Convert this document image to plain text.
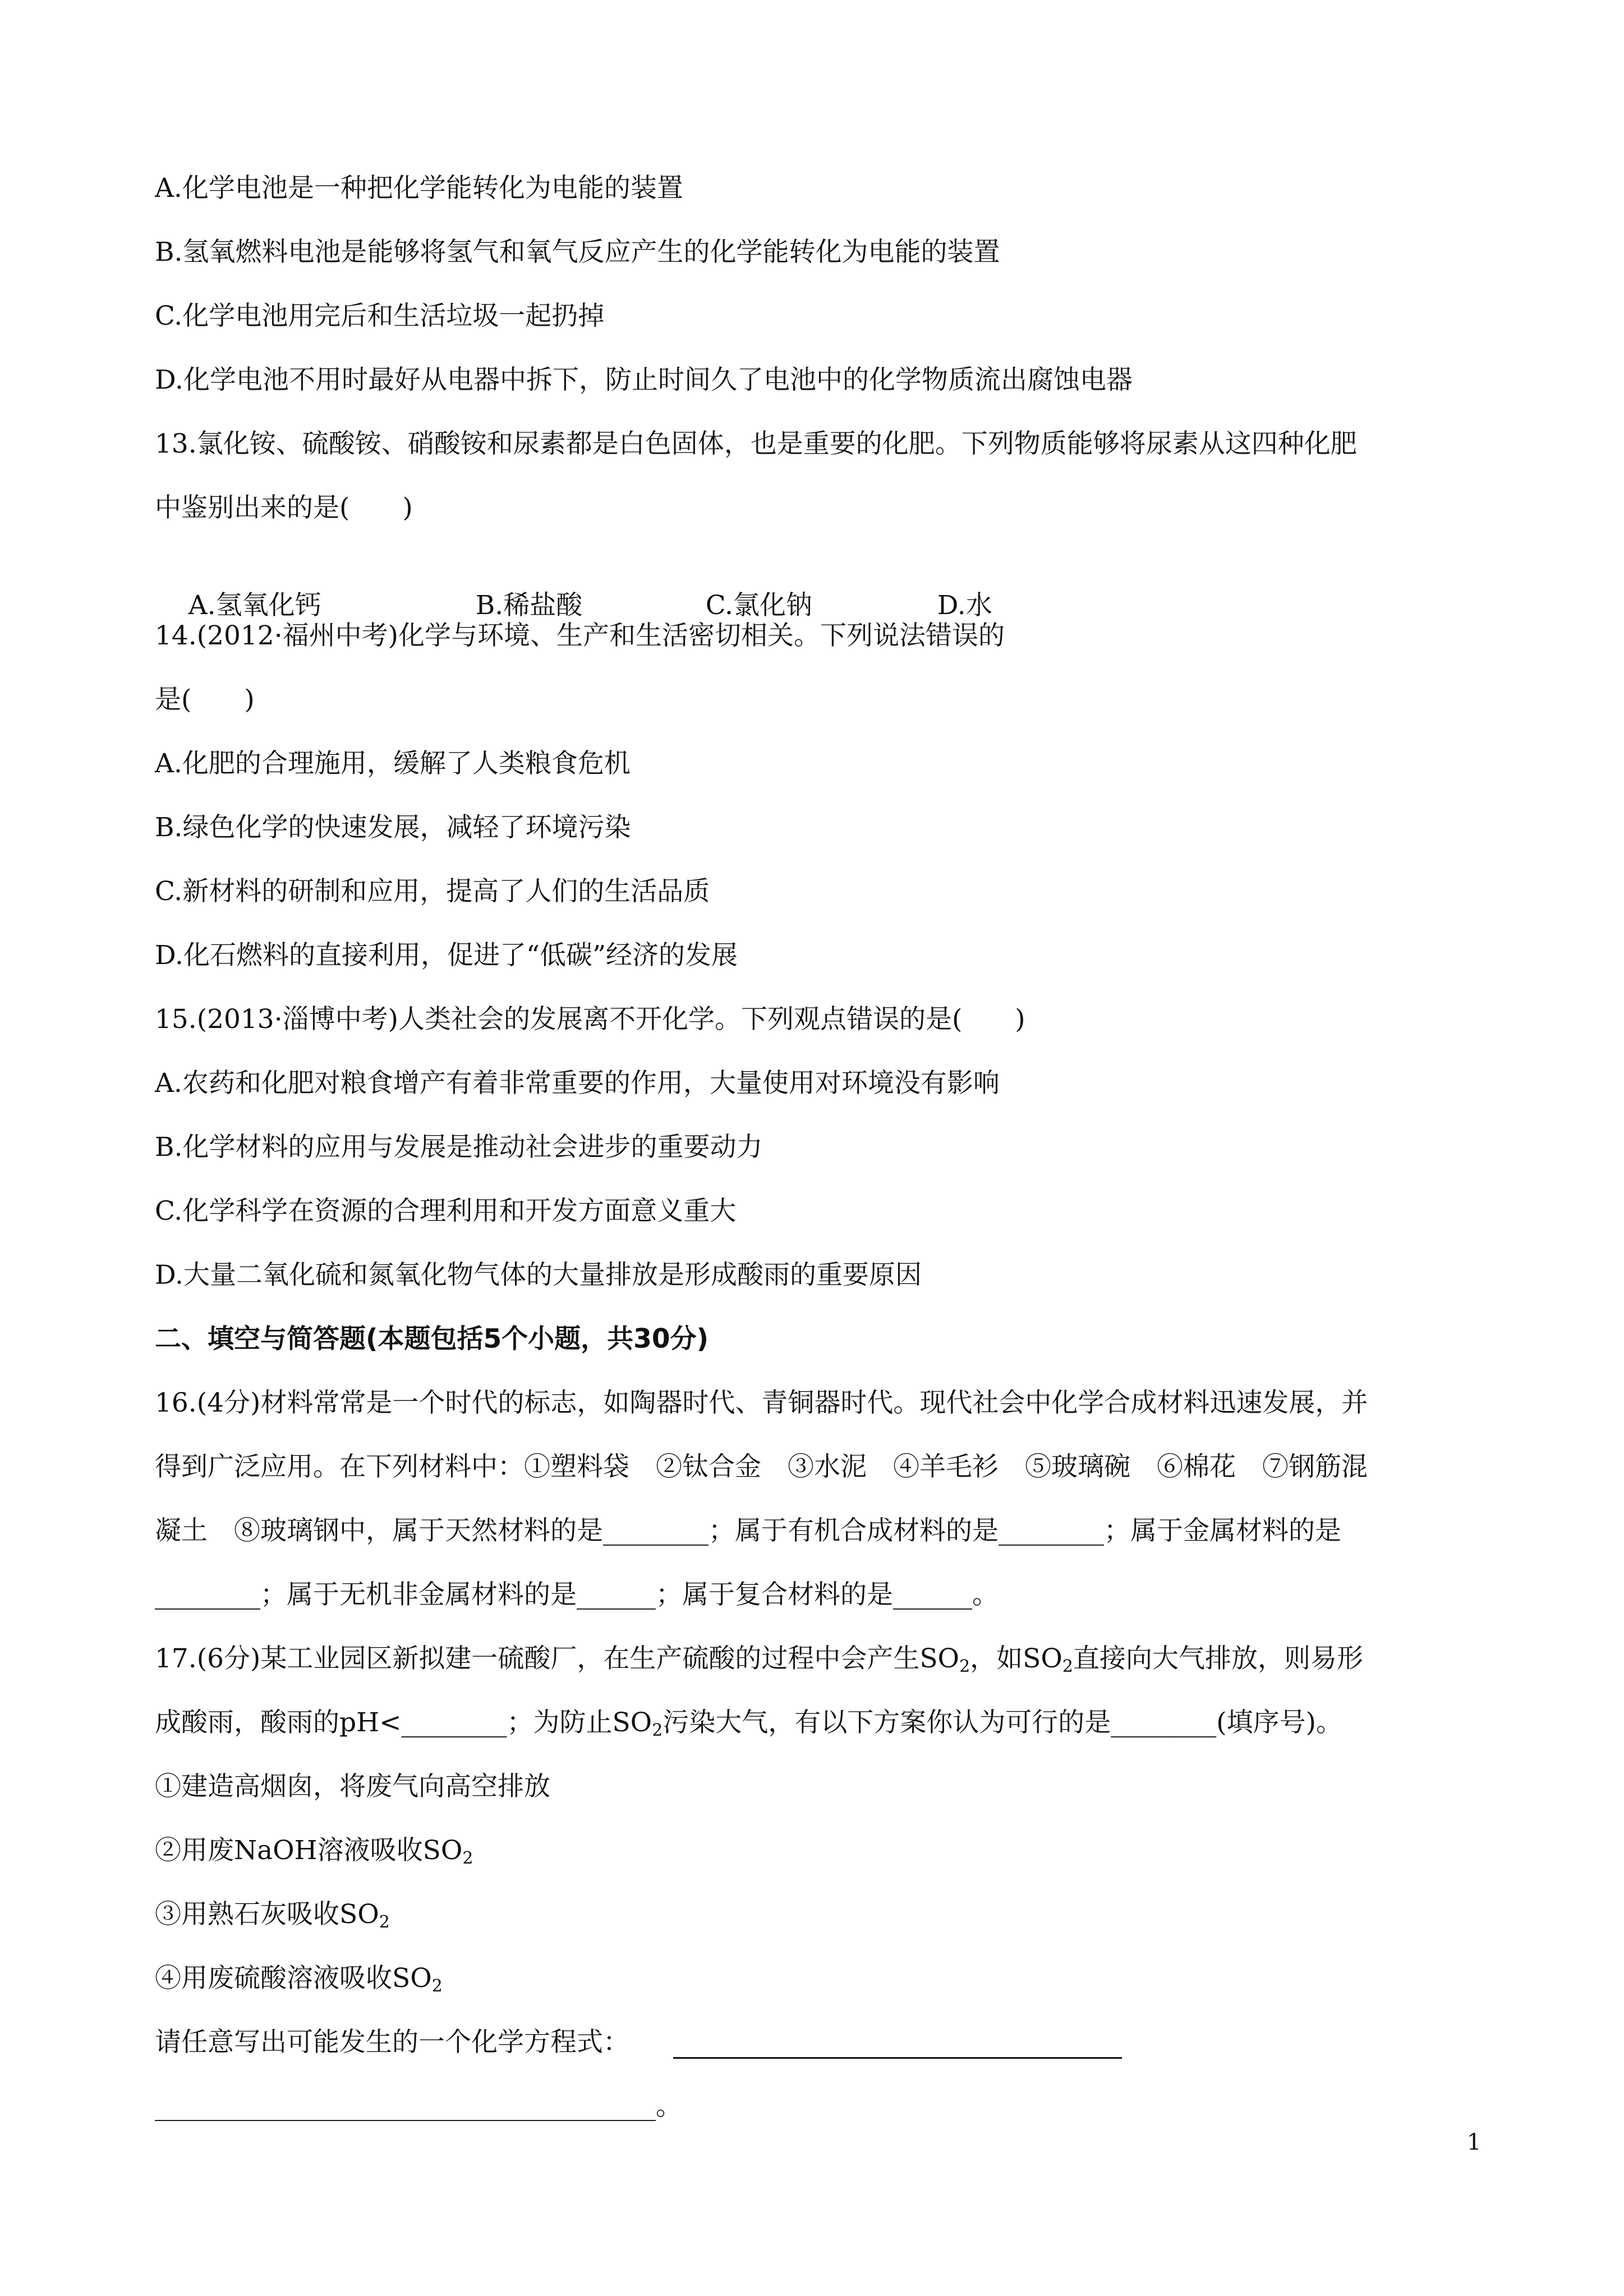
A.化学电池是一种把化学能转化为电能的装置
B.氢氧燃料电池是能够将氢气和氧气反应产生的化学能转化为电能的装置
C.化学电池用完后和生活垃圾一起扔掉
D.化学电池不用时最好从电器中拆下，防止时间久了电池中的化学物质流出腐蚀电器
13.氯化铵、硫酸铵、硝酸铵和尿素都是白色固体，也是重要的化肥。下列物质能够将尿素从这四种化肥
中鉴别出来的是(　　)

A.氢氧化钙	B.稀盐酸	C.氯化钠	D.水

14.(2012·福州中考)化学与环境、生产和生活密切相关。下列说法错误的
是(　　)
A.化肥的合理施用，缓解了人类粮食危机
B.绿色化学的快速发展，减轻了环境污染
C.新材料的研制和应用，提高了人们的生活品质
D.化石燃料的直接利用，促进了“低碳”经济的发展
15.(2013·淄博中考)人类社会的发展离不开化学。下列观点错误的是(　　)
A.农药和化肥对粮食增产有着非常重要的作用，大量使用对环境没有影响
B.化学材料的应用与发展是推动社会进步的重要动力
C.化学科学在资源的合理利用和开发方面意义重大
D.大量二氧化硫和氮氧化物气体的大量排放是形成酸雨的重要原因
二、填空与简答题(本题包括5个小题，共30分)
16.(4分)材料常常是一个时代的标志，如陶器时代、青铜器时代。现代社会中化学合成材料迅速发展，并
得到广泛应用。在下列材料中：①塑料袋　②钛合金　③水泥　④羊毛衫　⑤玻璃碗　⑥棉花　⑦钢筋混
凝土　⑧玻璃钢中，属于天然材料的是________；属于有机合成材料的是________；属于金属材料的是
________；属于无机非金属材料的是______；属于复合材料的是______。
17.(6分)某工业园区新拟建一硫酸厂，在生产硫酸的过程中会产生$SO_2$，如$SO_2$直接向大气排放，则易形
成酸雨，酸雨的pH<________；为防止$SO_2$污染大气，有以下方案你认为可行的是________(填序号)。
①建造高烟囱，将废气向高空排放
②用废NaOH溶液吸收$SO_2$
③用熟石灰吸收$SO_2$
④用废硫酸溶液吸收$SO_2$
请任意写出可能发生的一个化学方程式：
______________________________________。
1
